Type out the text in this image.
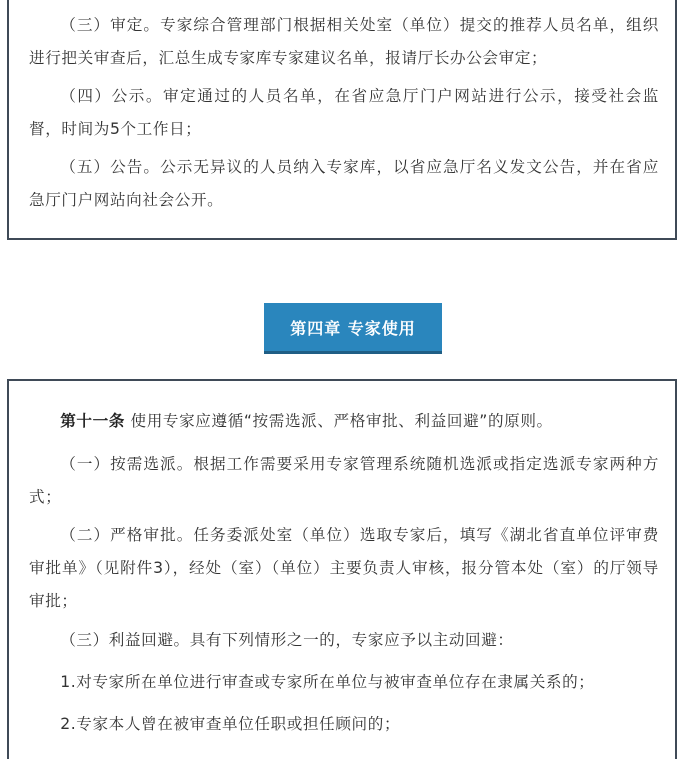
（三）审定。专家综合管理部门根据相关处室（单位）提交的推荐人员名单，组织进行把关审查后，汇总生成专家库专家建议名单，报请厅长办公会审定；

（四）公示。审定通过的人员名单，在省应急厅门户网站进行公示，接受社会监督，时间为5个工作日；

（五）公告。公示无异议的人员纳入专家库，以省应急厅名义发文公告，并在省应急厅门户网站向社会公开。

第四章 专家使用

第十一条 使用专家应遵循“按需选派、严格审批、利益回避”的原则。

（一）按需选派。根据工作需要采用专家管理系统随机选派或指定选派专家两种方式；

（二）严格审批。任务委派处室（单位）选取专家后，填写《湖北省直单位评审费审批单》（见附件3），经处（室）（单位）主要负责人审核，报分管本处（室）的厅领导审批；

（三）利益回避。具有下列情形之一的，专家应予以主动回避：

1.对专家所在单位进行审查或专家所在单位与被审查单位存在隶属关系的；

2.专家本人曾在被审查单位任职或担任顾问的；
